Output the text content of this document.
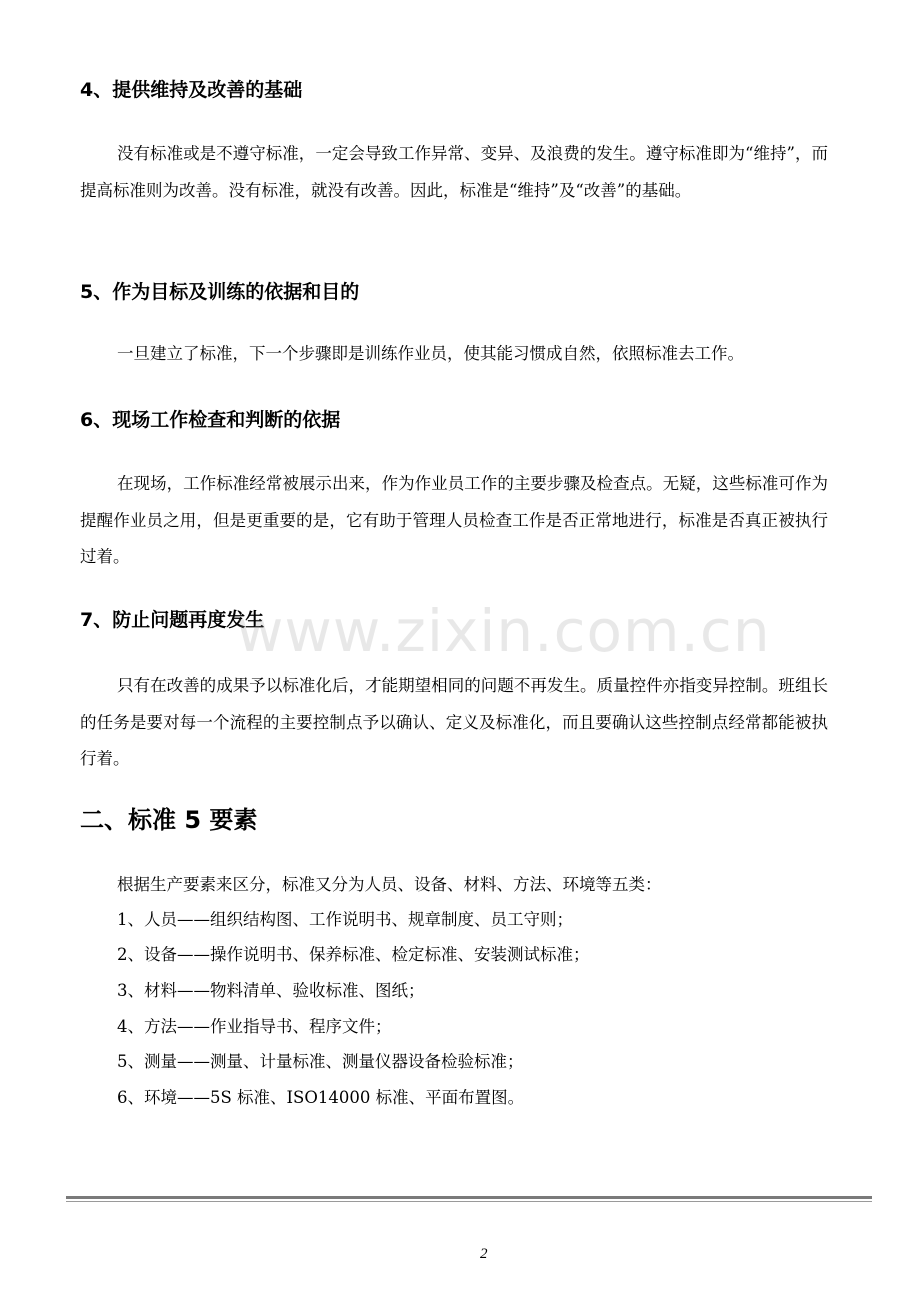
4、提供维持及改善的基础
没有标准或是不遵守标准，一定会导致工作异常、变异、及浪费的发生。遵守标准即为“维持”，而提高标准则为改善。没有标准，就没有改善。因此，标准是“维持”及“改善”的基础。
5、作为目标及训练的依据和目的
一旦建立了标准，下一个步骤即是训练作业员，使其能习惯成自然，依照标准去工作。
6、现场工作检查和判断的依据
在现场，工作标准经常被展示出来，作为作业员工作的主要步骤及检查点。无疑，这些标准可作为提醒作业员之用，但是更重要的是，它有助于管理人员检查工作是否正常地进行，标准是否真正被执行过着。
7、防止问题再度发生
只有在改善的成果予以标准化后，才能期望相同的问题不再发生。质量控件亦指变异控制。班组长的任务是要对每一个流程的主要控制点予以确认、定义及标准化，而且要确认这些控制点经常都能被执行着。
二、标准 5 要素
根据生产要素来区分，标准又分为人员、设备、材料、方法、环境等五类：
1、人员——组织结构图、工作说明书、规章制度、员工守则；
2、设备——操作说明书、保养标准、检定标准、安装测试标准；
3、材料——物料清单、验收标准、图纸；
4、方法——作业指导书、程序文件；
5、测量——测量、计量标准、测量仪器设备检验标准；
6、环境——5S 标准、ISO14000 标准、平面布置图。
www.zixin.com.cn
2
